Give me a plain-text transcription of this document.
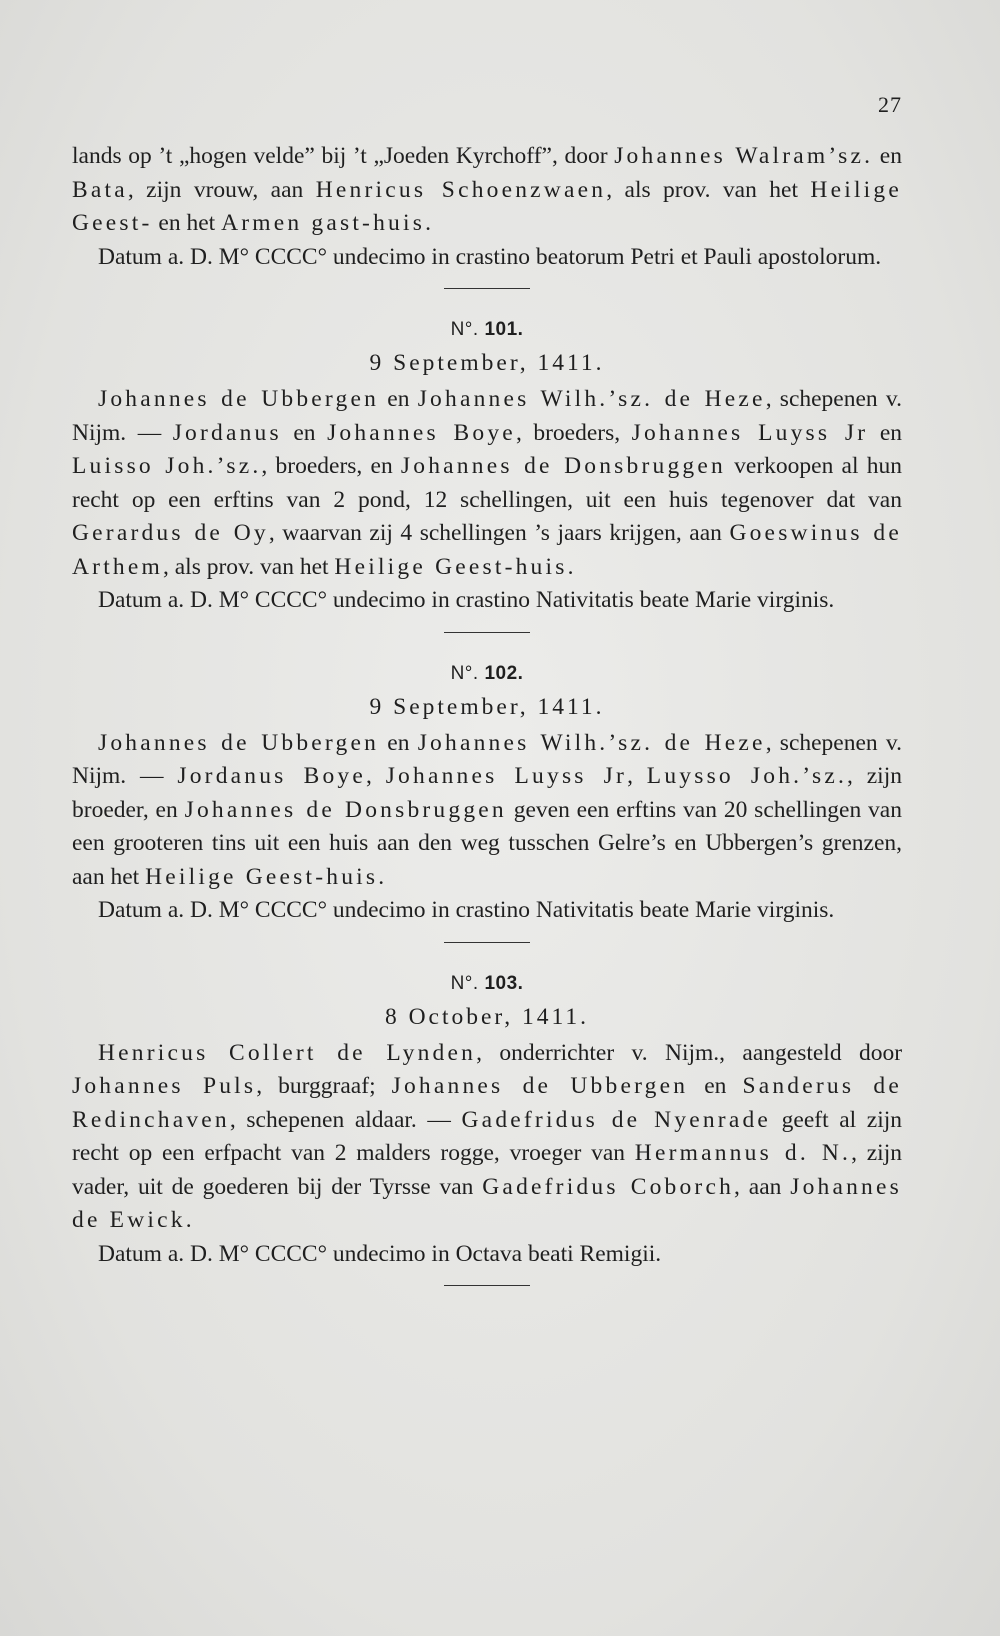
27

lands op ’t „hogen velde” bij ’t „Joeden Kyrchoff”, door Johannes Walram’sz. en Bata, zijn vrouw, aan Henricus Schoenzwaen, als prov. van het Heilige Geest- en het Armen gast-huis.

Datum a. D. M° CCCC° undecimo in crastino beatorum Petri et Pauli apostolorum.

N°. 101.

9 September, 1411.

Johannes de Ubbergen en Johannes Wilh.’sz. de Heze, schepenen v. Nijm. — Jordanus en Johannes Boye, broeders, Johannes Luyss Jr en Luisso Joh.’sz., broeders, en Johannes de Donsbruggen verkoopen al hun recht op een erftins van 2 pond, 12 schellingen, uit een huis tegenover dat van Gerardus de Oy, waarvan zij 4 schellingen ’s jaars krijgen, aan Goeswinus de Arthem, als prov. van het Heilige Geest-huis.

Datum a. D. M° CCCC° undecimo in crastino Nativitatis beate Marie virginis.

N°. 102.

9 September, 1411.

Johannes de Ubbergen en Johannes Wilh.’sz. de Heze, schepenen v. Nijm. — Jordanus Boye, Johannes Luyss Jr, Luysso Joh.’sz., zijn broeder, en Johannes de Donsbruggen geven een erftins van 20 schellingen van een grooteren tins uit een huis aan den weg tusschen Gelre’s en Ubbergen’s grenzen, aan het Heilige Geest-huis.

Datum a. D. M° CCCC° undecimo in crastino Nativitatis beate Marie virginis.

N°. 103.

8 October, 1411.

Henricus Collert de Lynden, onderrichter v. Nijm., aangesteld door Johannes Puls, burggraaf; Johannes de Ubbergen en Sanderus de Redinchaven, schepenen aldaar. — Gadefridus de Nyenrade geeft al zijn recht op een erfpacht van 2 malders rogge, vroeger van Hermannus d. N., zijn vader, uit de goederen bij der Tyrsse van Gadefridus Coborch, aan Johannes de Ewick.

Datum a. D. M° CCCC° undecimo in Octava beati Remigii.
